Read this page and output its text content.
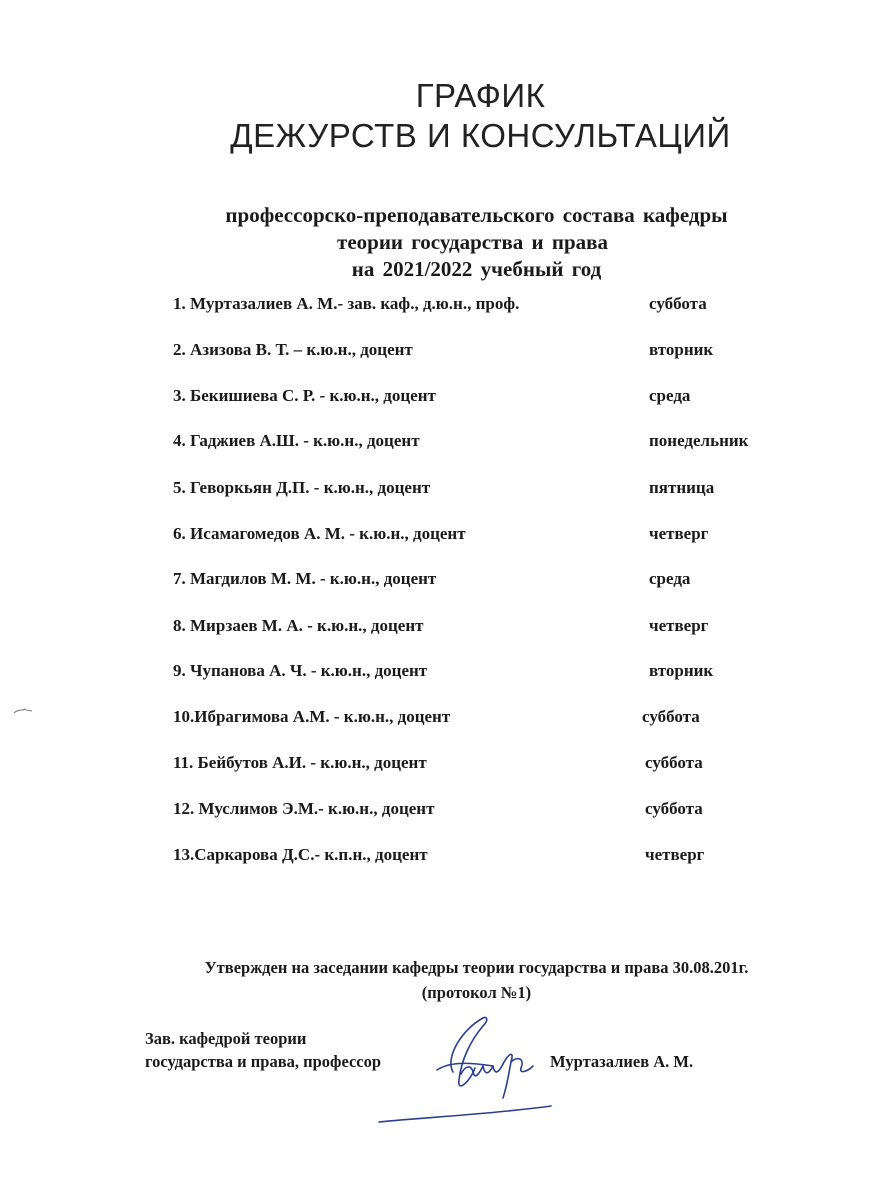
ГРАФИК
ДЕЖУРСТВ И КОНСУЛЬТАЦИЙ
профессорско-преподавательского состава кафедры
теории государства и права
на 2021/2022 учебный год
1. Муртазалиев А. М.- зав. каф., д.ю.н., проф.	суббота
2. Азизова В. Т. – к.ю.н., доцент	вторник
3. Бекишиева С. Р. - к.ю.н., доцент	среда
4. Гаджиев А.Ш. - к.ю.н., доцент	понедельник
5. Геворкьян Д.П. - к.ю.н., доцент	пятница
6. Исамагомедов А. М. - к.ю.н., доцент	четверг
7. Магдилов М. М. - к.ю.н., доцент	среда
8. Мирзаев М. А. - к.ю.н., доцент	четверг
9. Чупанова А. Ч. - к.ю.н., доцент	вторник
10.Ибрагимова А.М. - к.ю.н., доцент	суббота
11. Бейбутов А.И. - к.ю.н., доцент	суббота
12. Муслимов Э.М.- к.ю.н., доцент	суббота
13.Саркарова Д.С.- к.п.н., доцент	четверг
Утвержден на заседании кафедры теории государства и права 30.08.201г.
(протокол №1)
Зав. кафедрой теории
государства и права, профессор	Муртазалиев А. М.
